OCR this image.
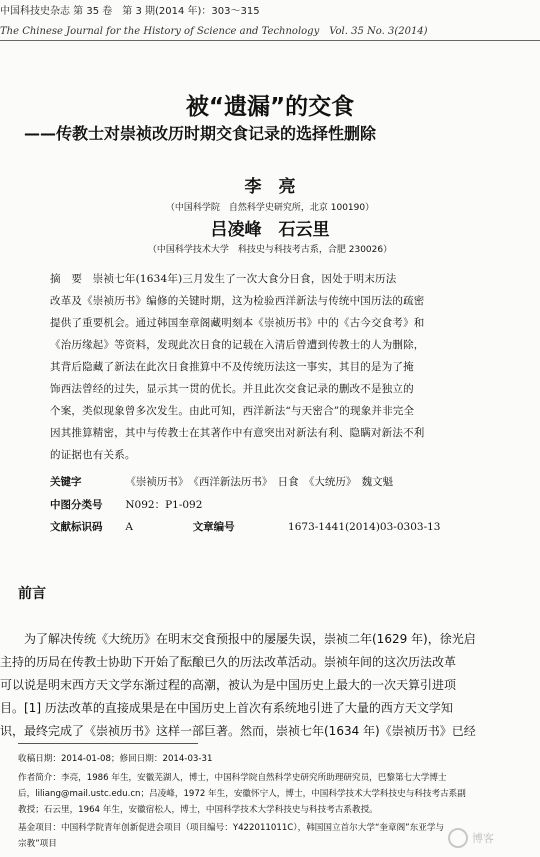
中国科技史杂志 第 35 卷　第 3 期(2014 年)：303～315
The Chinese Journal for the History of Science and Technology　Vol. 35 No. 3(2014)
被“遗漏”的交食
——传教士对崇祯改历时期交食记录的选择性删除
李　亮
（中国科学院　自然科学史研究所，北京 100190）
吕凌峰　石云里
（中国科学技术大学　科技史与科技考古系，合肥 230026）
摘　要　崇祯七年(1634年)三月发生了一次大食分日食，因处于明末历法
改革及《崇祯历书》编修的关键时期，这为检验西洋新法与传统中国历法的疏密
提供了重要机会。通过韩国奎章阁藏明刻本《崇祯历书》中的《古今交食考》和
《治历缘起》等资料，发现此次日食的记载在入清后曾遭到传教士的人为删除，
其背后隐藏了新法在此次日食推算中不及传统历法这一事实，其目的是为了掩
饰西法曾经的过失，显示其一贯的优长。并且此次交食记录的删改不是独立的
个案，类似现象曾多次发生。由此可知，西洋新法“与天密合”的现象并非完全
因其推算精密，其中与传教士在其著作中有意突出对新法有利、隐瞒对新法不利
的证据也有关系。
关键字	《崇祯历书》　《西洋新法历书》　日食　《大统历》　魏文魁
中图分类号 N092：P1-092
文献标识码 A	文章编号	1673-1441(2014)03-0303-13
前言
　　为了解决传统《大统历》在明末交食预报中的屡屡失误，崇祯二年(1629 年)，徐光启
主持的历局在传教士协助下开始了酝酿已久的历法改革活动。崇祯年间的这次历法改革
可以说是明末西方天文学东渐过程的高潮，被认为是中国历史上最大的一次天算引进项
目。[1] 历法改革的直接成果是在中国历史上首次有系统地引进了大量的西方天文学知
识，最终完成了《崇祯历书》这样一部巨著。然而，崇祯七年(1634 年)《崇祯历书》已经
收稿日期：2014-01-08；修回日期：2014-03-31
作者简介：李亮，1986 年生，安徽芜湖人，博士，中国科学院自然科学史研究所助理研究员，巴黎第七大学博士
后，liliang@mail.ustc.edu.cn；吕凌峰，1972 年生，安徽怀宁人，博士，中国科学技术大学科技史与科技考古系副
教授；石云里，1964 年生，安徽宿松人，博士，中国科学技术大学科技史与科技考古系教授。
基金项目：中国科学院青年创新促进会项目（项目编号：Y422011011C），韩国国立首尔大学“奎章阁”东亚学与
宗教”项目	博客
